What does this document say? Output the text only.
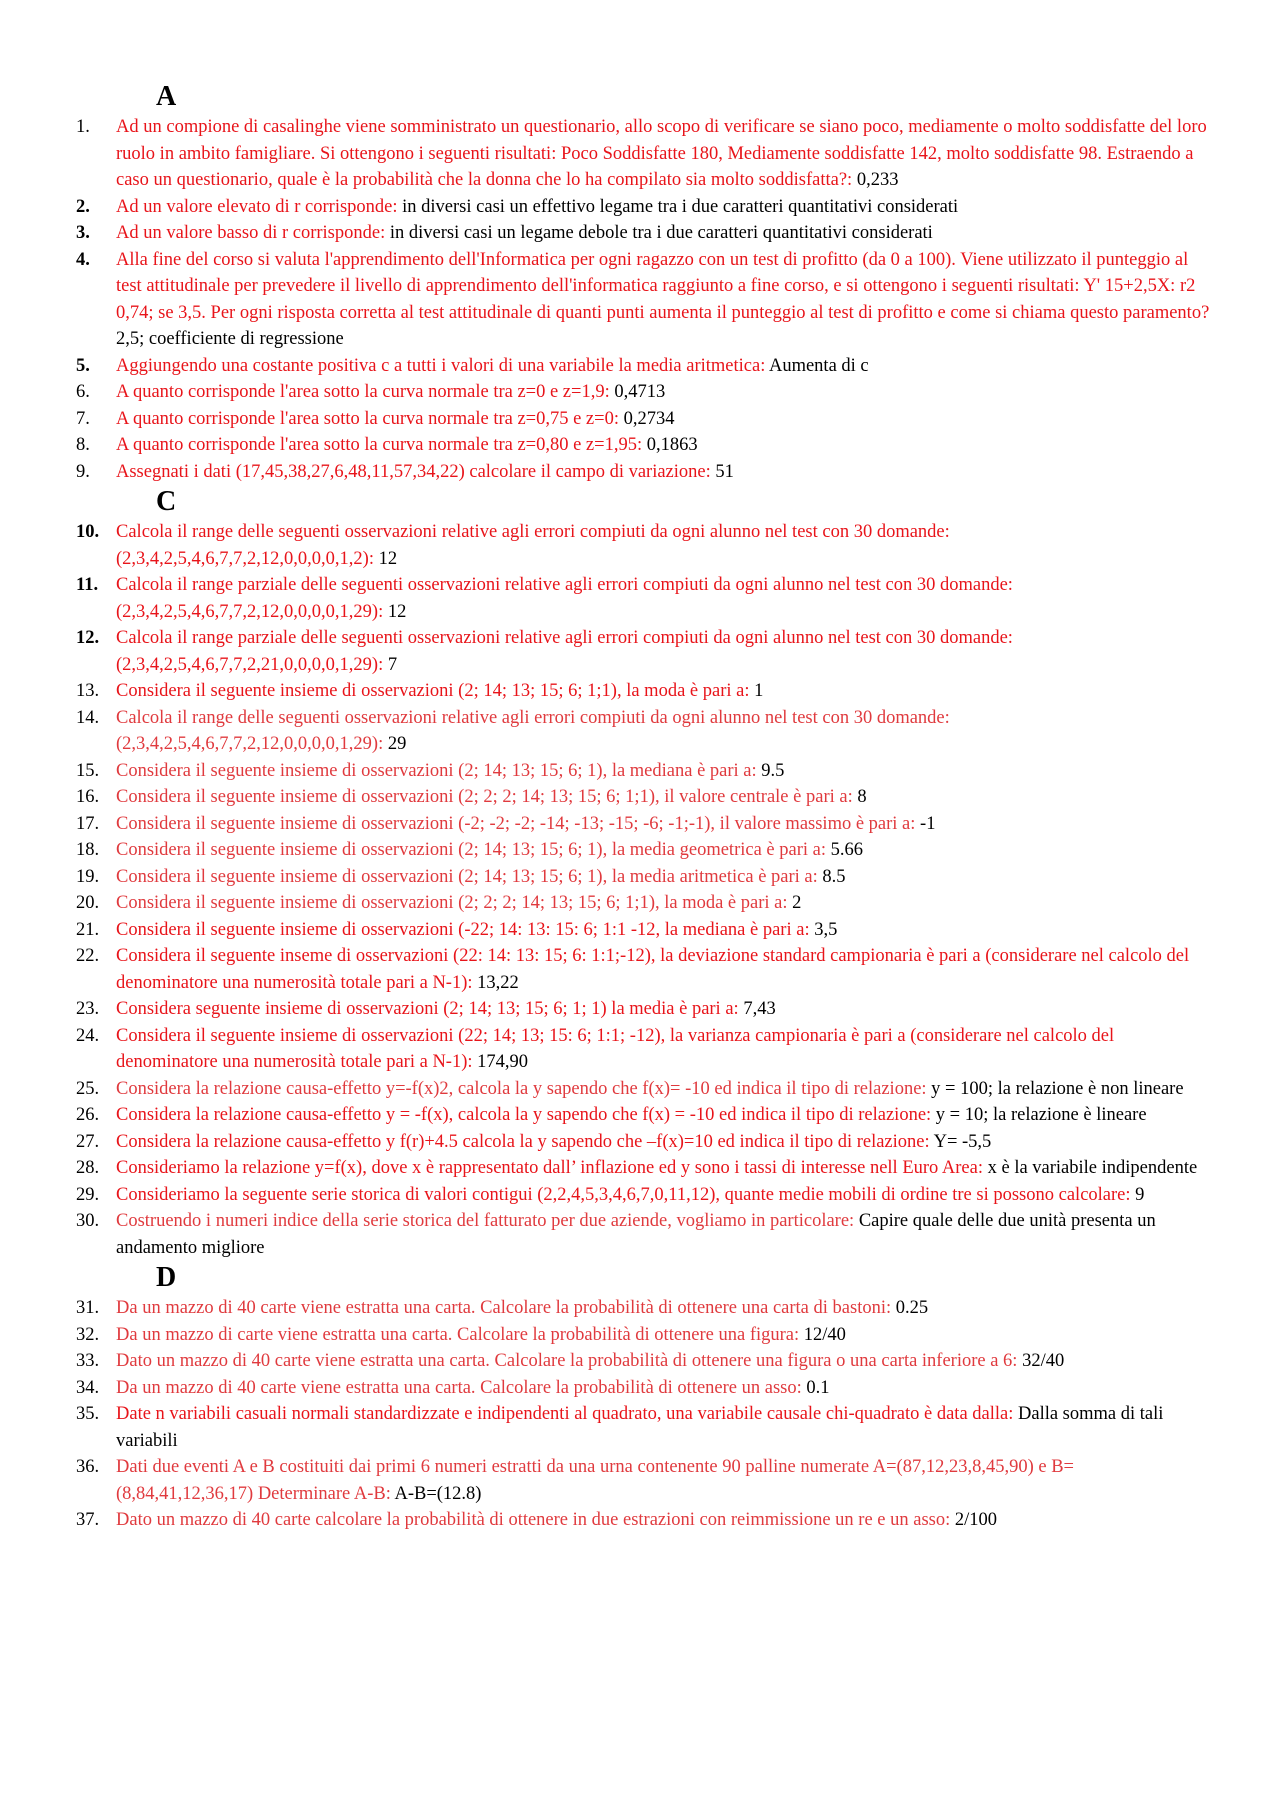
A
1.	Ad un compione di casalinghe viene somministrato un questionario, allo scopo di verificare se siano poco, mediamente o molto soddisfatte del loro ruolo in ambito famigliare. Si ottengono i seguenti risultati: Poco Soddisfatte 180, Mediamente soddisfatte 142, molto soddisfatte 98. Estraendo a caso un questionario, quale è la probabilità che la donna che lo ha compilato sia molto soddisfatta?: 0,233
2.	Ad un valore elevato di r corrisponde: in diversi casi un effettivo legame tra i due caratteri quantitativi considerati
3.	Ad un valore basso di r corrisponde: in diversi casi un legame debole tra i due caratteri quantitativi considerati
4.	Alla fine del corso si valuta l'apprendimento dell'Informatica per ogni ragazzo con un test di profitto (da 0 a 100). Viene utilizzato il punteggio al test attitudinale per prevedere il livello di apprendimento dell'informatica raggiunto a fine corso, e si ottengono i seguenti risultati: Y' 15+2,5X: r2 0,74; se 3,5. Per ogni risposta corretta al test attitudinale di quanti punti aumenta il punteggio al test di profitto e come si chiama questo paramento? 2,5; coefficiente di regressione
5.	Aggiungendo una costante positiva c a tutti i valori di una variabile la media aritmetica: Aumenta di c
6.	A quanto corrisponde l'area sotto la curva normale tra z=0 e z=1,9: 0,4713
7.	A quanto corrisponde l'area sotto la curva normale tra z=0,75 e z=0: 0,2734
8.	A quanto corrisponde l'area sotto la curva normale tra z=0,80 e z=1,95: 0,1863
9.	Assegnati i dati (17,45,38,27,6,48,11,57,34,22) calcolare il campo di variazione: 51
C
10. Calcola il range delle seguenti osservazioni relative agli errori compiuti da ogni alunno nel test con 30 domande: (2,3,4,2,5,4,6,7,7,2,12,0,0,0,0,1,2): 12
11. Calcola il range parziale delle seguenti osservazioni relative agli errori compiuti da ogni alunno nel test con 30 domande: (2,3,4,2,5,4,6,7,7,2,12,0,0,0,0,1,29): 12
12. Calcola il range parziale delle seguenti osservazioni relative agli errori compiuti da ogni alunno nel test con 30 domande: (2,3,4,2,5,4,6,7,7,2,21,0,0,0,0,1,29): 7
13. Considera il seguente insieme di osservazioni (2; 14; 13; 15; 6; 1;1), la moda è pari a: 1
14. Calcola il range delle seguenti osservazioni relative agli errori compiuti da ogni alunno nel test con 30 domande: (2,3,4,2,5,4,6,7,7,2,12,0,0,0,0,1,29): 29
15. Considera il seguente insieme di osservazioni (2; 14; 13; 15; 6; 1), la mediana è pari a: 9.5
16. Considera il seguente insieme di osservazioni (2; 2; 2; 14; 13; 15; 6; 1;1), il valore centrale è pari a: 8
17. Considera il seguente insieme di osservazioni (-2; -2; -2; -14; -13; -15; -6; -1;-1), il valore massimo è pari a: -1
18. Considera il seguente insieme di osservazioni (2; 14; 13; 15; 6; 1), la media geometrica è pari a: 5.66
19. Considera il seguente insieme di osservazioni (2; 14; 13; 15; 6; 1), la media aritmetica è pari a: 8.5
20. Considera il seguente insieme di osservazioni (2; 2; 2; 14; 13; 15; 6; 1;1), la moda è pari a: 2
21. Considera il seguente insieme di osservazioni (-22; 14: 13: 15: 6; 1:1 -12, la mediana è pari a: 3,5
22. Considera il seguente inseme di osservazioni (22: 14: 13: 15; 6: 1:1;-12), la deviazione standard campionaria è pari a (considerare nel calcolo del denominatore una numerosità totale pari a N-1): 13,22
23. Considera seguente insieme di osservazioni (2; 14; 13; 15; 6; 1; 1) la media è pari a: 7,43
24. Considera il seguente insieme di osservazioni (22; 14; 13; 15: 6; 1:1; -12), la varianza campionaria è pari a (considerare nel calcolo del denominatore una numerosità totale pari a N-1): 174,90
25. Considera la relazione causa-effetto y=-f(x)2, calcola la y sapendo che f(x)= -10 ed indica il tipo di relazione: y = 100; la relazione è non lineare
26. Considera la relazione causa-effetto y = -f(x), calcola la y sapendo che f(x) = -10 ed indica il tipo di relazione: y = 10; la relazione è lineare
27. Considera la relazione causa-effetto y f(r)+4.5 calcola la y sapendo che –f(x)=10 ed indica il tipo di relazione: Y= -5,5
28. Consideriamo la relazione y=f(x), dove x è rappresentato dall’ inflazione ed y sono i tassi di interesse nell Euro Area: x è la variabile indipendente
29. Consideriamo la seguente serie storica di valori contigui (2,2,4,5,3,4,6,7,0,11,12), quante medie mobili di ordine tre si possono calcolare: 9
30. Costruendo i numeri indice della serie storica del fatturato per due aziende, vogliamo in particolare: Capire quale delle due unità presenta un andamento migliore
D
31. Da un mazzo di 40 carte viene estratta una carta. Calcolare la probabilità di ottenere una carta di bastoni: 0.25
32. Da un mazzo di carte viene estratta una carta. Calcolare la probabilità di ottenere una figura: 12/40
33. Dato un mazzo di 40 carte viene estratta una carta. Calcolare la probabilità di ottenere una figura o una carta inferiore a 6: 32/40
34. Da un mazzo di 40 carte viene estratta una carta. Calcolare la probabilità di ottenere un asso: 0.1
35. Date n variabili casuali normali standardizzate e indipendenti al quadrato, una variabile causale chi-quadrato è data dalla: Dalla somma di tali variabili
36. Dati due eventi A e B costituiti dai primi 6 numeri estratti da una urna contenente 90 palline numerate A=(87,12,23,8,45,90) e B=(8,84,41,12,36,17) Determinare A-B: A-B=(12.8)
37. Dato un mazzo di 40 carte calcolare la probabilità di ottenere in due estrazioni con reimmissione un re e un asso: 2/100
